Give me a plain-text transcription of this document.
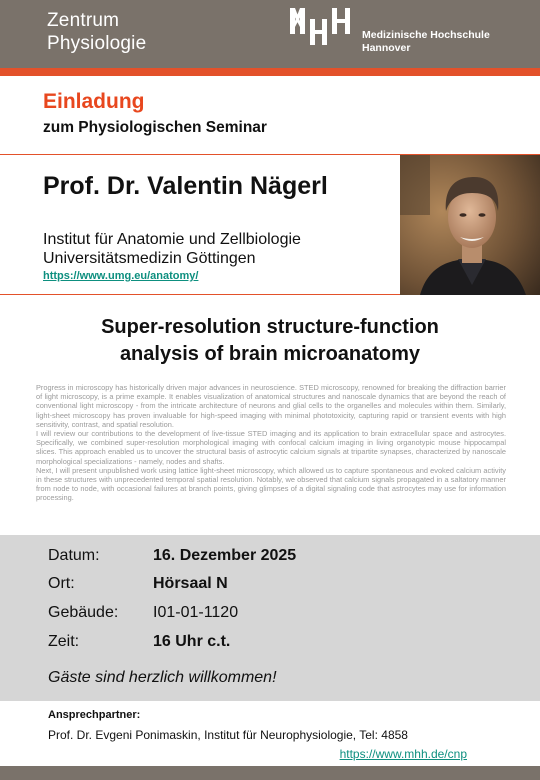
Zentrum
Physiologie	Medizinische Hochschule
Hannover
Einladung
zum Physiologischen Seminar
Prof. Dr. Valentin Nägerl
Institut für Anatomie und Zellbiologie
Universitätsmedizin Göttingen
https://www.umg.eu/anatomy/
Super-resolution structure-function
analysis of brain microanatomy

Progress in microscopy has historically driven major advances in neuroscience. STED microscopy, renowned for breaking the diffraction barrier of light microscopy, is a prime example. It enables visualization of anatomical structures and nanoscale dynamics that are beyond the reach of conventional light microscopy - from the intricate architecture of neurons and glial cells to the organelles and molecules within them. Similarly, light-sheet microscopy has proven invaluable for high-speed imaging with minimal phototoxicity, capturing rapid or transient events with high sensitivity, contrast, and spatial resolution.

I will review our contributions to the development of live-tissue STED imaging and its application to brain extracellular space and astrocytes. Specifically, we combined super-resolution morphological imaging with confocal calcium imaging in living organotypic mouse hippocampal slices. This approach enabled us to uncover the structural basis of astrocytic calcium signals at tripartite synapses, characterized by nanoscale morphological specializations - namely, nodes and shafts.

Next, I will present unpublished work using lattice light-sheet microscopy, which allowed us to capture spontaneous and evoked calcium activity in these structures with unprecedented temporal spatial resolution. Notably, we observed that calcium signals propagated in a saltatory manner from node to node, with occasional failures at branch points, giving glimpses of a digital signaling code that astrocytes may use for information processing.

Datum:	16. Dezember 2025
Ort:	Hörsaal N
Gebäude: I01-01-1120
Zeit:	16 Uhr c.t.
Gäste sind herzlich willkommen!
Ansprechpartner:
Prof. Dr. Evgeni Ponimaskin, Institut für Neurophysiologie, Tel: 4858
https://www.mhh.de/cnp
